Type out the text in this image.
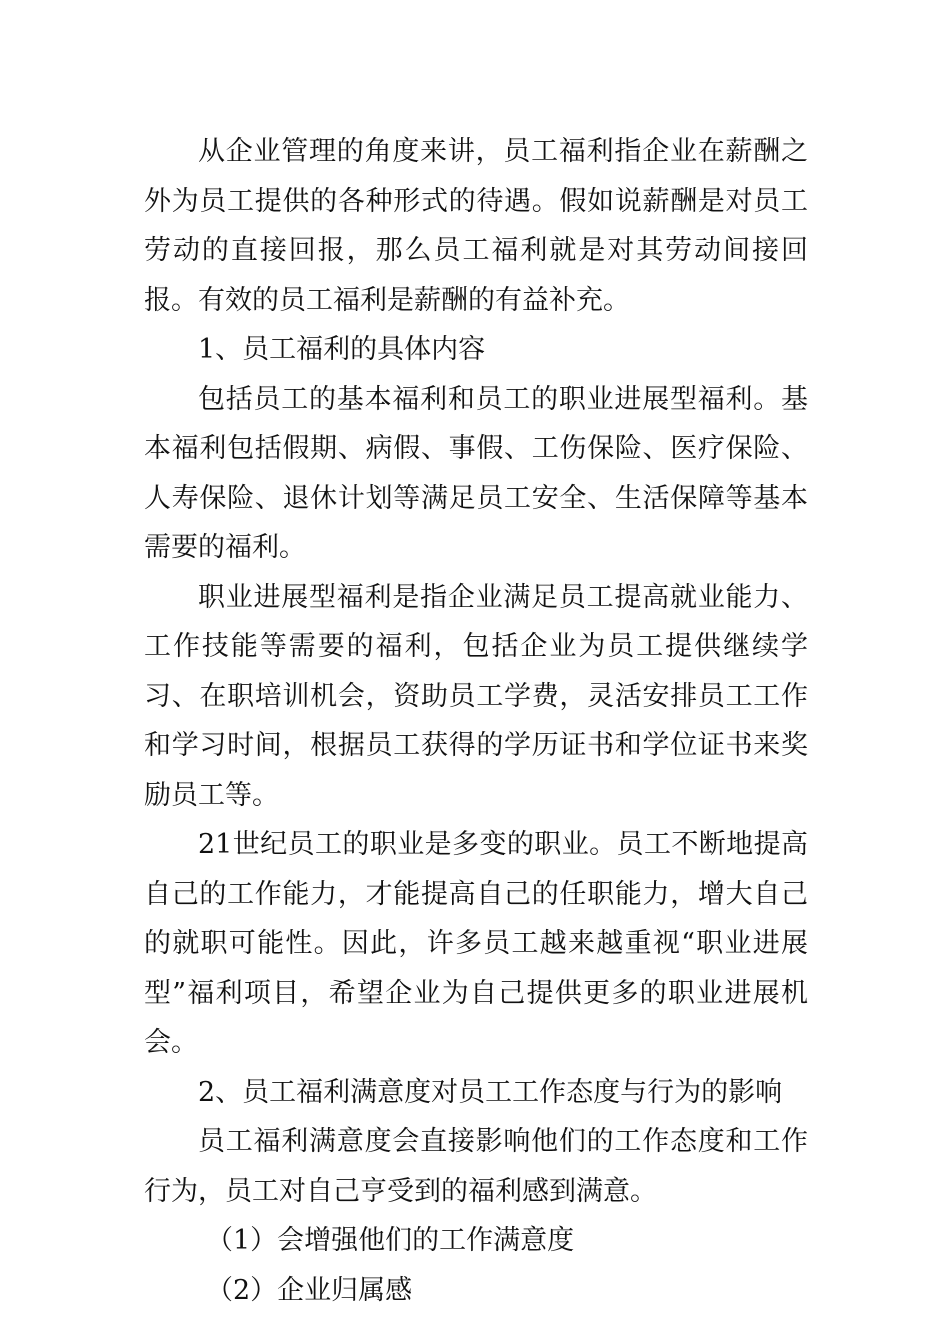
从企业管理的角度来讲，员工福利指企业在薪酬之外为员工提供的各种形式的待遇。假如说薪酬是对员工劳动的直接回报，那么员工福利就是对其劳动间接回报。有效的员工福利是薪酬的有益补充。

1、员工福利的具体内容

包括员工的基本福利和员工的职业进展型福利。基本福利包括假期、病假、事假、工伤保险、医疗保险、人寿保险、退休计划等满足员工安全、生活保障等基本需要的福利。

职业进展型福利是指企业满足员工提高就业能力、工作技能等需要的福利，包括企业为员工提供继续学习、在职培训机会，资助员工学费，灵活安排员工工作和学习时间，根据员工获得的学历证书和学位证书来奖励员工等。

21世纪员工的职业是多变的职业。员工不断地提高自己的工作能力，才能提高自己的任职能力，增大自己的就职可能性。因此，许多员工越来越重视“职业进展型”福利项目，希望企业为自己提供更多的职业进展机会。

2、员工福利满意度对员工工作态度与行为的影响

员工福利满意度会直接影响他们的工作态度和工作行为，员工对自己亨受到的福利感到满意。

（1）会增强他们的工作满意度

（2）企业归属感
